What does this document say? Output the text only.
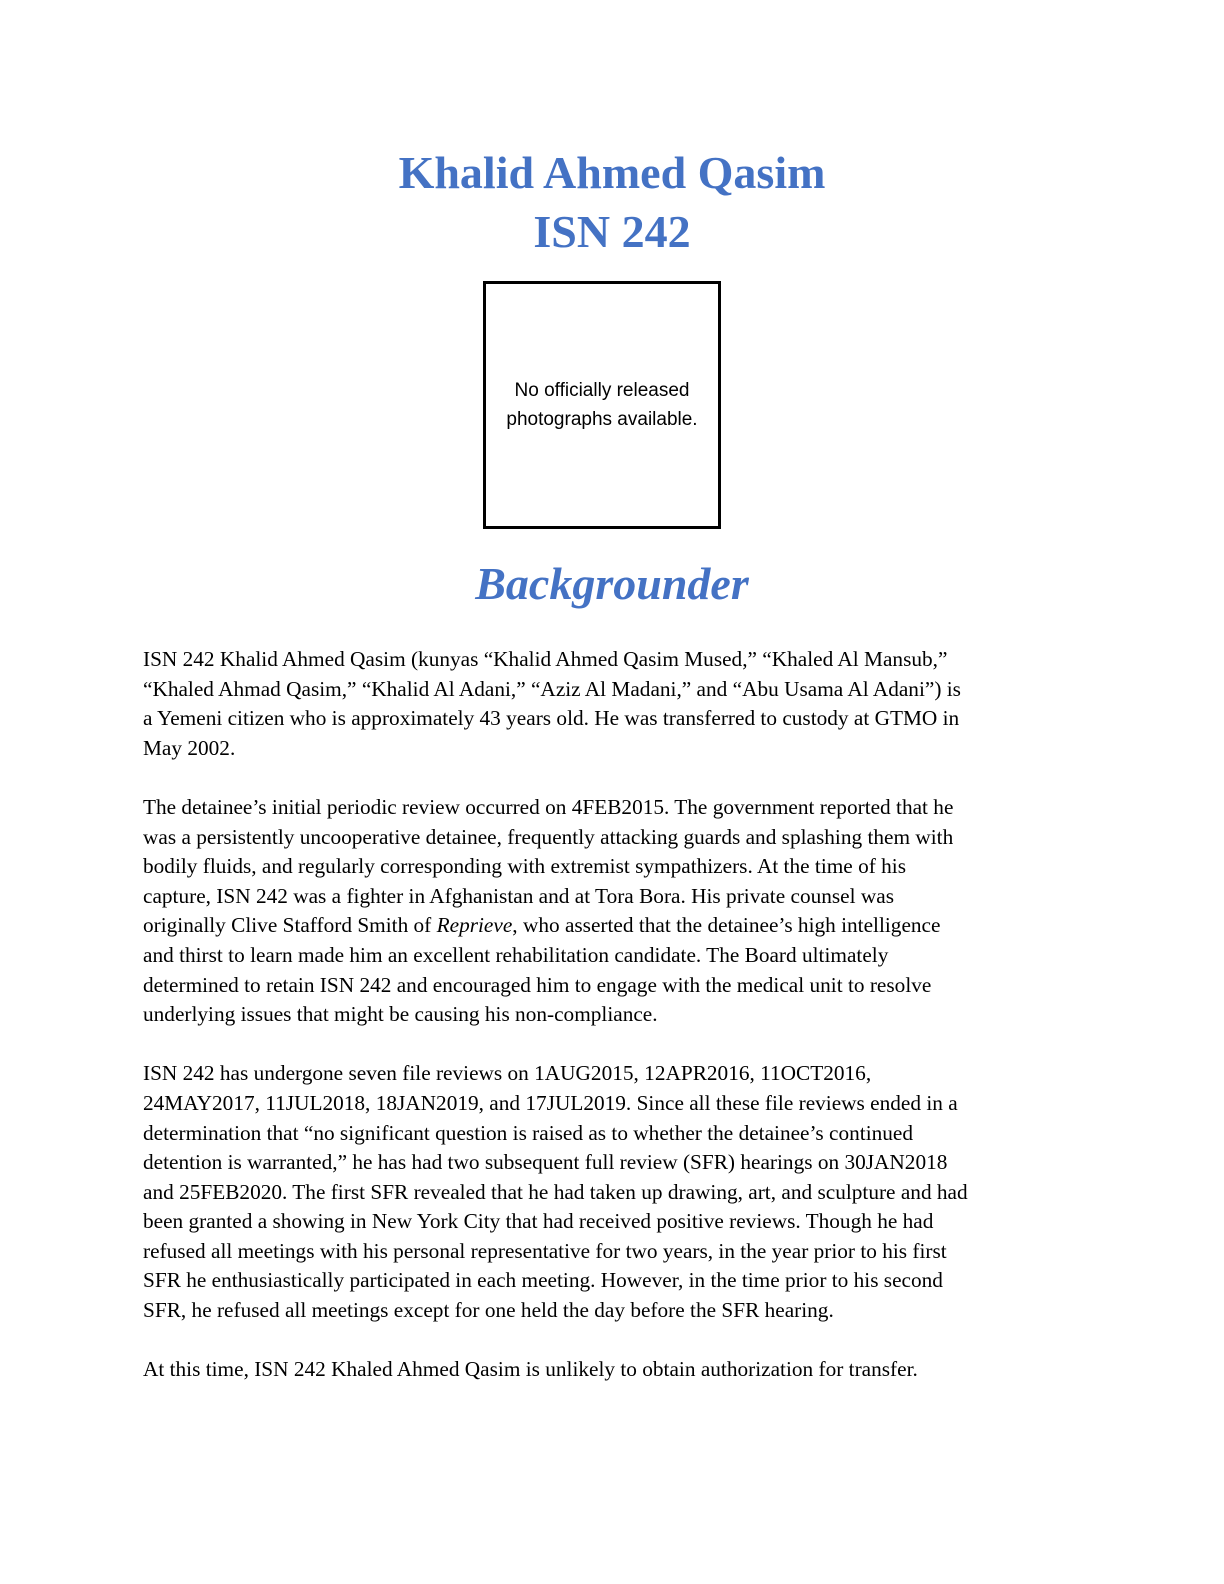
Khalid Ahmed Qasim
ISN 242
No officially released
photographs available.
Backgrounder

ISN 242 Khalid Ahmed Qasim (kunyas “Khalid Ahmed Qasim Mused,” “Khaled Al Mansub,”
“Khaled Ahmad Qasim,” “Khalid Al Adani,” “Aziz Al Madani,” and “Abu Usama Al Adani”) is
a Yemeni citizen who is approximately 43 years old. He was transferred to custody at GTMO in
May 2002.

The detainee’s initial periodic review occurred on 4FEB2015. The government reported that he
was a persistently uncooperative detainee, frequently attacking guards and splashing them with
bodily fluids, and regularly corresponding with extremist sympathizers. At the time of his
capture, ISN 242 was a fighter in Afghanistan and at Tora Bora. His private counsel was
originally Clive Stafford Smith of Reprieve, who asserted that the detainee’s high intelligence
and thirst to learn made him an excellent rehabilitation candidate. The Board ultimately
determined to retain ISN 242 and encouraged him to engage with the medical unit to resolve
underlying issues that might be causing his non-compliance.

ISN 242 has undergone seven file reviews on 1AUG2015, 12APR2016, 11OCT2016,
24MAY2017, 11JUL2018, 18JAN2019, and 17JUL2019. Since all these file reviews ended in a
determination that “no significant question is raised as to whether the detainee’s continued
detention is warranted,” he has had two subsequent full review (SFR) hearings on 30JAN2018
and 25FEB2020. The first SFR revealed that he had taken up drawing, art, and sculpture and had
been granted a showing in New York City that had received positive reviews. Though he had
refused all meetings with his personal representative for two years, in the year prior to his first
SFR he enthusiastically participated in each meeting. However, in the time prior to his second
SFR, he refused all meetings except for one held the day before the SFR hearing.

At this time, ISN 242 Khaled Ahmed Qasim is unlikely to obtain authorization for transfer.
